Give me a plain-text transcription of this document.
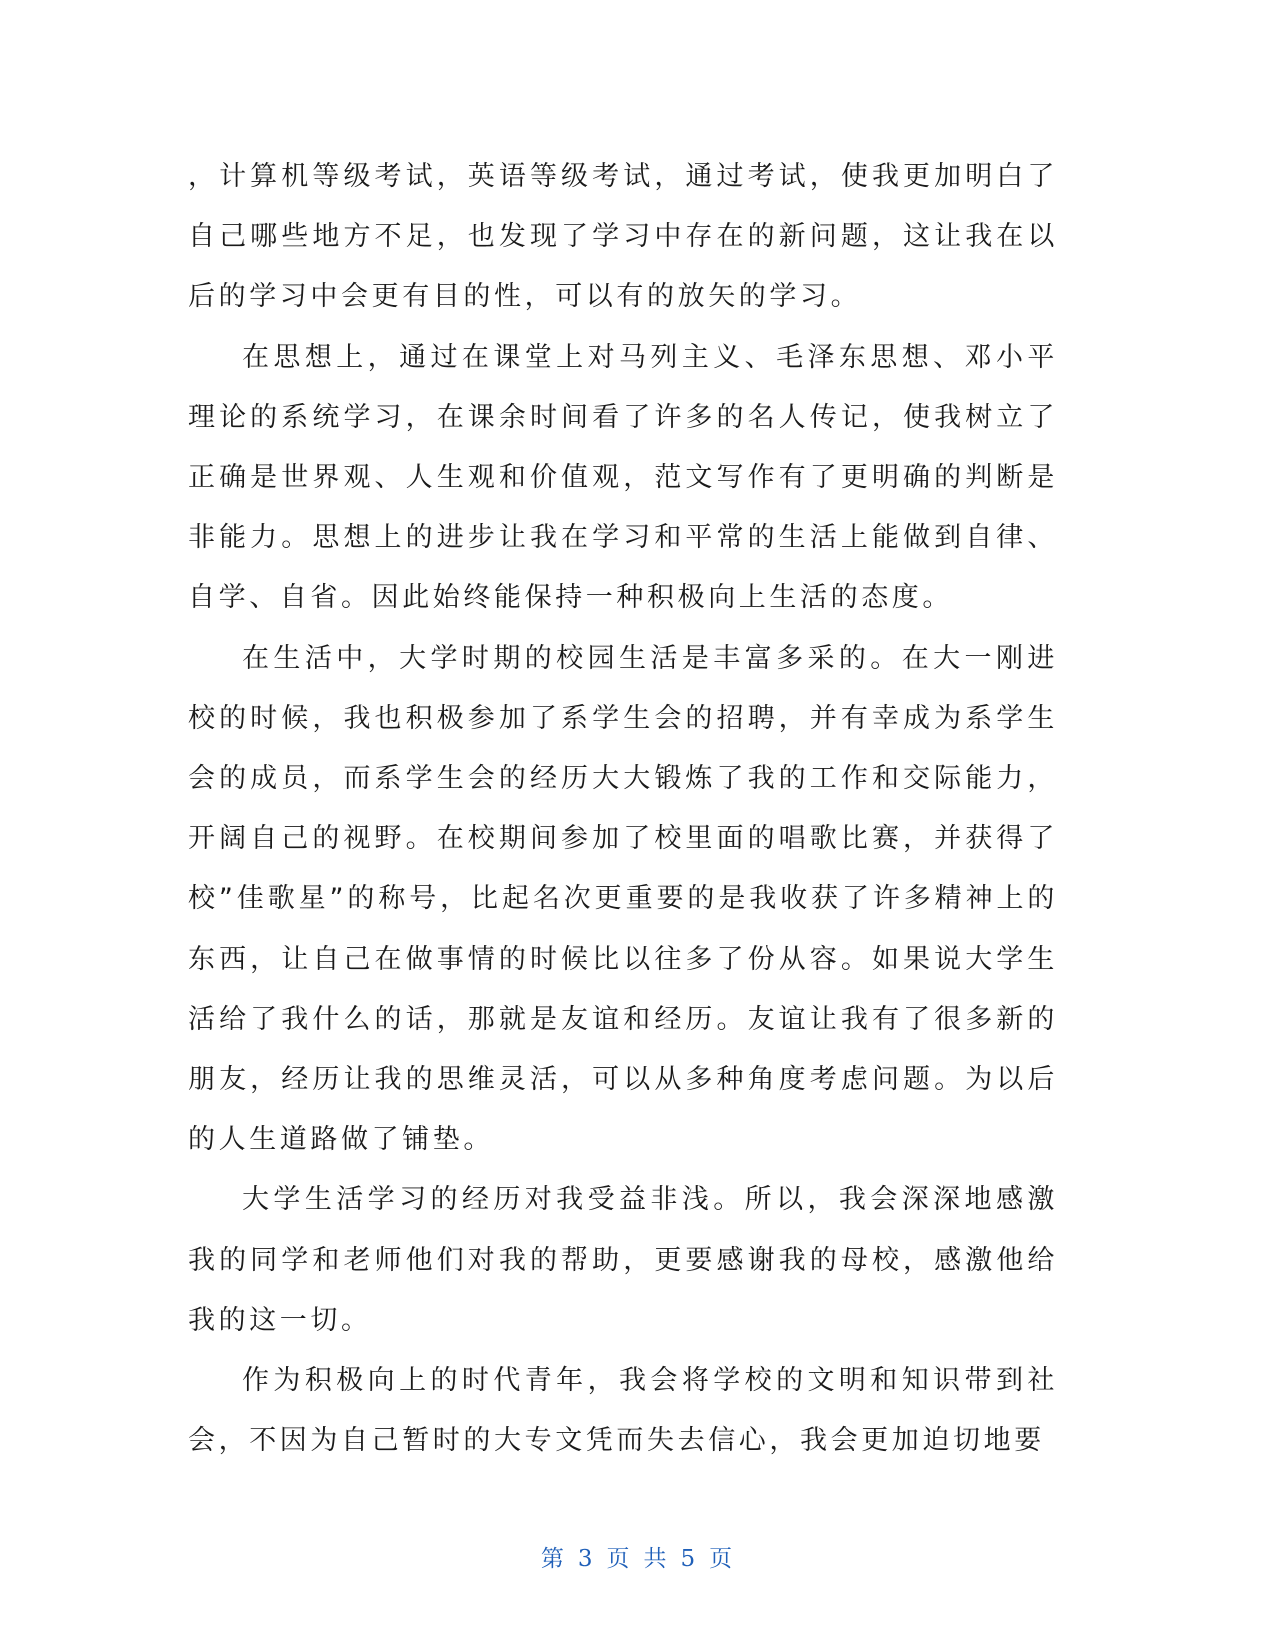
，计算机等级考试，英语等级考试，通过考试，使我更加明白了自己哪些地方不足，也发现了学习中存在的新问题，这让我在以后的学习中会更有目的性，可以有的放矢的学习。

在思想上，通过在课堂上对马列主义、毛泽东思想、邓小平理论的系统学习，在课余时间看了许多的名人传记，使我树立了正确是世界观、人生观和价值观，范文写作有了更明确的判断是非能力。思想上的进步让我在学习和平常的生活上能做到自律、自学、自省。因此始终能保持一种积极向上生活的态度。

在生活中，大学时期的校园生活是丰富多采的。在大一刚进校的时候，我也积极参加了系学生会的招聘，并有幸成为系学生会的成员，而系学生会的经历大大锻炼了我的工作和交际能力，开阔自己的视野。在校期间参加了校里面的唱歌比赛，并获得了校”佳歌星”的称号，比起名次更重要的是我收获了许多精神上的东西，让自己在做事情的时候比以往多了份从容。如果说大学生活给了我什么的话，那就是友谊和经历。友谊让我有了很多新的朋友，经历让我的思维灵活，可以从多种角度考虑问题。为以后的人生道路做了铺垫。

大学生活学习的经历对我受益非浅。所以，我会深深地感激我的同学和老师他们对我的帮助，更要感谢我的母校，感激他给我的这一切。

作为积极向上的时代青年，我会将学校的文明和知识带到社会，不因为自己暂时的大专文凭而失去信心，我会更加迫切地要

第 3 页 共 5 页
